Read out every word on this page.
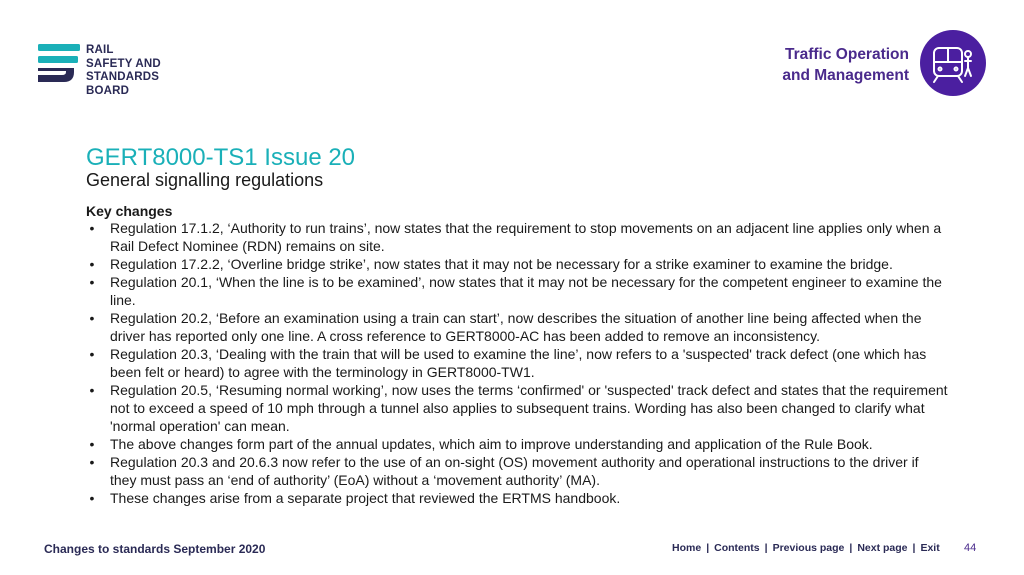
RAIL
SAFETY AND
STANDARDS
BOARD
Traffic Operation
and Management
GERT8000-TS1 Issue 20
General signalling regulations
Key changes
• Regulation 17.1.2, ‘Authority to run trains’, now states that the requirement to stop movements on an adjacent line applies only when a Rail Defect Nominee (RDN) remains on site.
• Regulation 17.2.2, ‘Overline bridge strike’, now states that it may not be necessary for a strike examiner to examine the bridge.
• Regulation 20.1, ‘When the line is to be examined’, now states that it may not be necessary for the competent engineer to examine the line.
• Regulation 20.2, ‘Before an examination using a train can start’, now describes the situation of another line being affected when the driver has reported only one line. A cross reference to GERT8000-AC has been added to remove an inconsistency.
• Regulation 20.3, ‘Dealing with the train that will be used to examine the line’, now refers to a 'suspected' track defect (one which has been felt or heard) to agree with the terminology in GERT8000-TW1.
• Regulation 20.5, ‘Resuming normal working’, now uses the terms ‘confirmed' or 'suspected' track defect and states that the requirement not to exceed a speed of 10 mph through a tunnel also applies to subsequent trains. Wording has also been changed to clarify what 'normal operation' can mean.
• The above changes form part of the annual updates, which aim to improve understanding and application of the Rule Book.
• Regulation 20.3 and 20.6.3 now refer to the use of an on-sight (OS) movement authority and operational instructions to the driver if they must pass an ‘end of authority’ (EoA) without a ‘movement authority’ (MA).
• These changes arise from a separate project that reviewed the ERTMS handbook.
Changes to standards September 2020	Home | Contents | Previous page | Next page | Exit 44
